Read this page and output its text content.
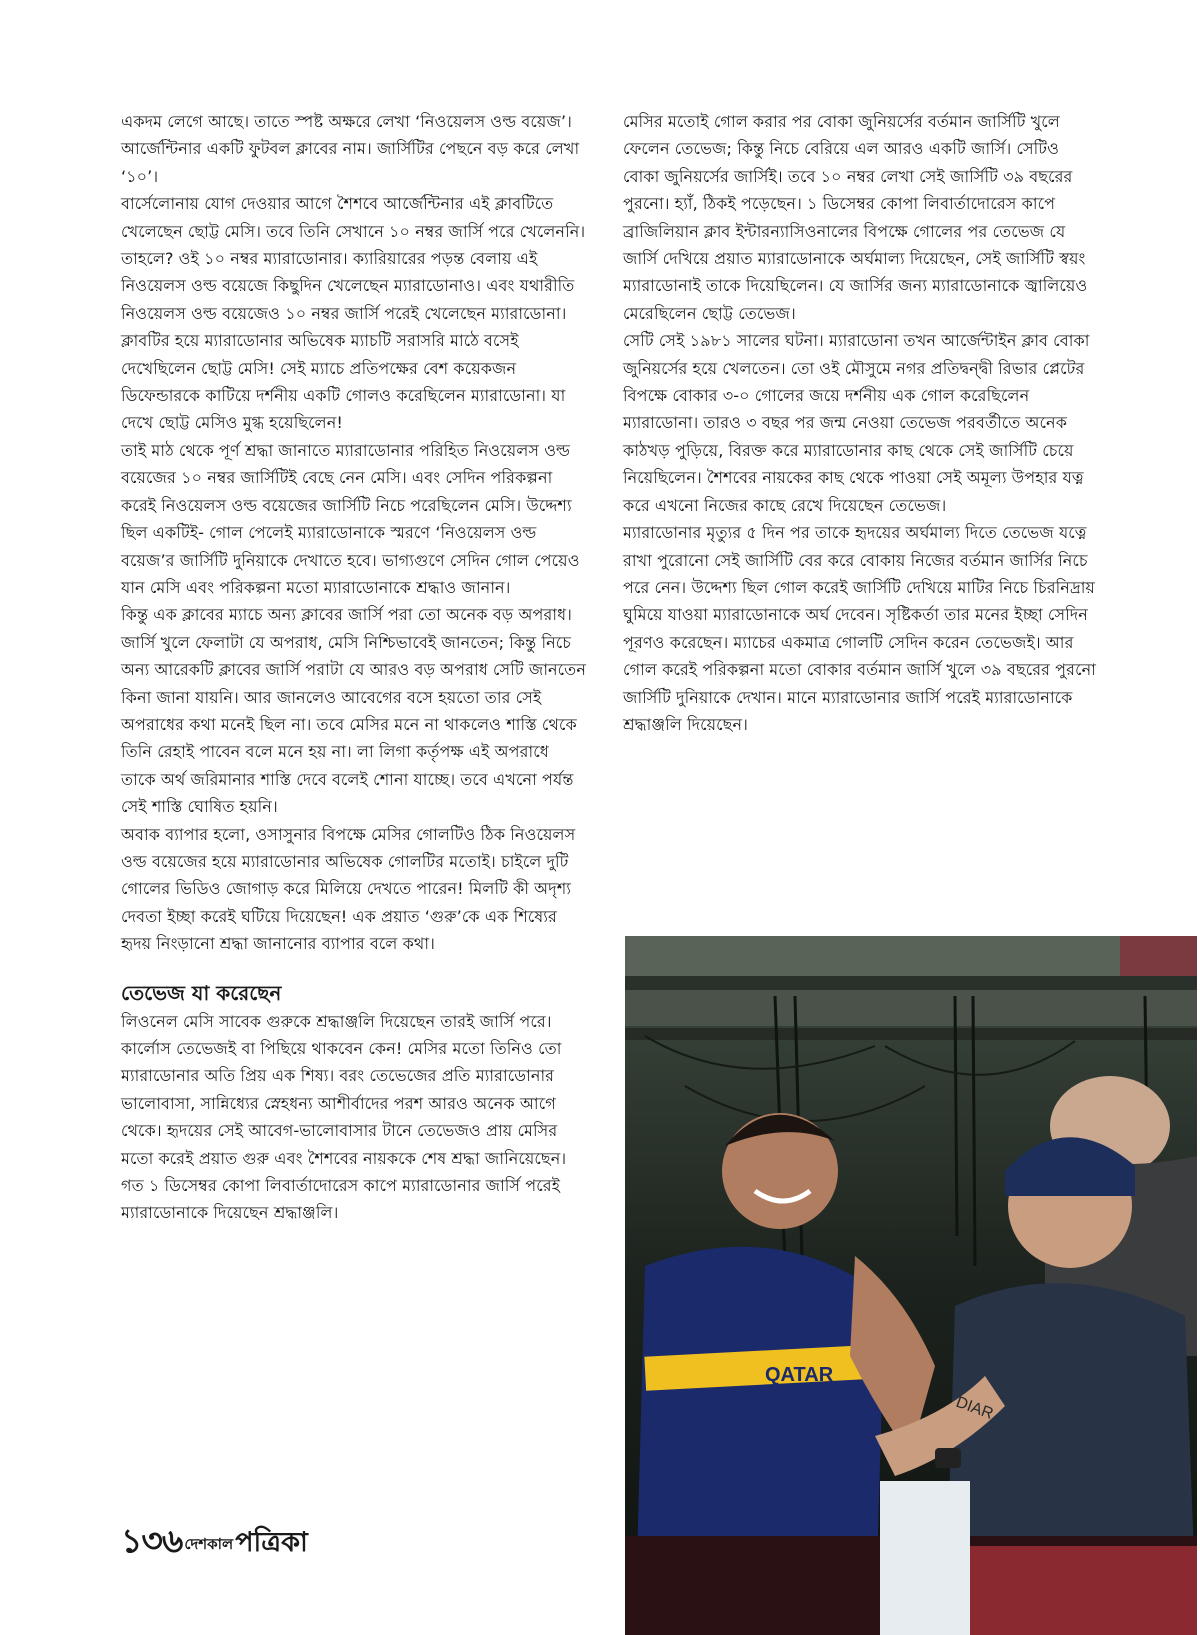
একদম লেগে আছে। তাতে স্পষ্ট অক্ষরে লেখা ‘নিওয়েলস ওল্ড বয়েজ’। আর্জেন্টিনার একটি ফুটবল ক্লাবের নাম। জার্সিটির পেছনে বড় করে লেখা ‘১০’।

বার্সেলোনায় যোগ দেওয়ার আগে শৈশবে আর্জেন্টিনার এই ক্লাবটিতে খেলেছেন ছোট্ট মেসি। তবে তিনি সেখানে ১০ নম্বর জার্সি পরে খেলেননি। তাহলে? ওই ১০ নম্বর ম্যারাডোনার। ক্যারিয়ারের পড়ন্ত বেলায় এই নিওয়েলস ওল্ড বয়েজে কিছুদিন খেলেছেন ম্যারাডোনাও। এবং যথারীতি নিওয়েলস ওল্ড বয়েজেও ১০ নম্বর জার্সি পরেই খেলেছেন ম্যারাডোনা। ক্লাবটির হয়ে ম্যারাডোনার অভিষেক ম্যাচটি সরাসরি মাঠে বসেই দেখেছিলেন ছোট্ট মেসি! সেই ম্যাচে প্রতিপক্ষের বেশ কয়েকজন ডিফেন্ডারকে কাটিয়ে দর্শনীয় একটি গোলও করেছিলেন ম্যারাডোনা। যা দেখে ছোট্ট মেসিও মুগ্ধ হয়েছিলেন!

তাই মাঠ থেকে পূর্ণ শ্রদ্ধা জানাতে ম্যারাডোনার পরিহিত নিওয়েলস ওল্ড বয়েজের ১০ নম্বর জার্সিটিই বেছে নেন মেসি। এবং সেদিন পরিকল্পনা করেই নিওয়েলস ওল্ড বয়েজের জার্সিটি নিচে পরেছিলেন মেসি। উদ্দেশ্য ছিল একটিই- গোল পেলেই ম্যারাডোনাকে স্মরণে ‘নিওয়েলস ওল্ড বয়েজ’র জার্সিটি দুনিয়াকে দেখাতে হবে। ভাগ্যগুণে সেদিন গোল পেয়েও যান মেসি এবং পরিকল্পনা মতো ম্যারাডোনাকে শ্রদ্ধাও জানান।

কিন্তু এক ক্লাবের ম্যাচে অন্য ক্লাবের জার্সি পরা তো অনেক বড় অপরাধ। জার্সি খুলে ফেলাটা যে অপরাধ, মেসি নিশ্চিভাবেই জানতেন; কিন্তু নিচে অন্য আরেকটি ক্লাবের জার্সি পরাটা যে আরও বড় অপরাধ সেটি জানতেন কিনা জানা যায়নি। আর জানলেও আবেগের বসে হয়তো তার সেই অপরাধের কথা মনেই ছিল না। তবে মেসির মনে না থাকলেও শাস্তি থেকে তিনি রেহাই পাবেন বলে মনে হয় না। লা লিগা কর্তৃপক্ষ এই অপরাধে তাকে অর্থ জরিমানার শাস্তি দেবে বলেই শোনা যাচ্ছে। তবে এখনো পর্যন্ত সেই শাস্তি ঘোষিত হয়নি।

অবাক ব্যাপার হলো, ওসাসুনার বিপক্ষে মেসির গোলটিও ঠিক নিওয়েলস ওল্ড বয়েজের হয়ে ম্যারাডোনার অভিষেক গোলটির মতোই। চাইলে দুটি গোলের ভিডিও জোগাড় করে মিলিয়ে দেখতে পারেন! মিলটি কী অদৃশ্য দেবতা ইচ্ছা করেই ঘটিয়ে দিয়েছেন! এক প্রয়াত ‘গুরু’কে এক শিষ্যের হৃদয় নিংড়ানো শ্রদ্ধা জানানোর ব্যাপার বলে কথা।

তেভেজ যা করেছেন

লিওনেল মেসি সাবেক গুরুকে শ্রদ্ধাঞ্জলি দিয়েছেন তারই জার্সি পরে। কার্লোস তেভেজই বা পিছিয়ে থাকবেন কেন! মেসির মতো তিনিও তো ম্যারাডোনার অতি প্রিয় এক শিষ্য। বরং তেভেজের প্রতি ম্যারাডোনার ভালোবাসা, সান্নিধ্যের স্নেহধন্য আশীর্বাদের পরশ আরও অনেক আগে থেকে। হৃদয়ের সেই আবেগ-ভালোবাসার টানে তেভেজও প্রায় মেসির মতো করেই প্রয়াত গুরু এবং শৈশবের নায়ককে শেষ শ্রদ্ধা জানিয়েছেন। গত ১ ডিসেম্বর কোপা লিবার্তাদোরেস কাপে ম্যারাডোনার জার্সি পরেই ম্যারাডোনাকে দিয়েছেন শ্রদ্ধাঞ্জলি।

মেসির মতোই গোল করার পর বোকা জুনিয়র্সের বর্তমান জার্সিটি খুলে ফেলেন তেভেজ; কিন্তু নিচে বেরিয়ে এল আরও একটি জার্সি। সেটিও বোকা জুনিয়র্সের জার্সিই। তবে ১০ নম্বর লেখা সেই জার্সিটি ৩৯ বছরের পুরনো। হ্যাঁ, ঠিকই পড়েছেন। ১ ডিসেম্বর কোপা লিবার্তাদোরেস কাপে ব্রাজিলিয়ান ক্লাব ইন্টারন্যাসিওনালের বিপক্ষে গোলের পর তেভেজ যে জার্সি দেখিয়ে প্রয়াত ম্যারাডোনাকে অর্ঘমাল্য দিয়েছেন, সেই জার্সিটি স্বয়ং ম্যারাডোনাই তাকে দিয়েছিলেন। যে জার্সির জন্য ম্যারাডোনাকে জ্বালিয়েও মেরেছিলেন ছোট্ট তেভেজ।

সেটি সেই ১৯৮১ সালের ঘটনা। ম্যারাডোনা তখন আর্জেন্টাইন ক্লাব বোকা জুনিয়র্সের হয়ে খেলতেন। তো ওই মৌসুমে নগর প্রতিদ্বন্দ্বী রিভার প্লেটের বিপক্ষে বোকার ৩-০ গোলের জয়ে দর্শনীয় এক গোল করেছিলেন ম্যারাডোনা। তারও ৩ বছর পর জন্ম নেওয়া তেভেজ পরবর্তীতে অনেক কাঠখড় পুড়িয়ে, বিরক্ত করে ম্যারাডোনার কাছ থেকে সেই জার্সিটি চেয়ে নিয়েছিলেন। শৈশবের নায়কের কাছ থেকে পাওয়া সেই অমূল্য উপহার যত্ন করে এখনো নিজের কাছে রেখে দিয়েছেন তেভেজ।

ম্যারাডোনার মৃত্যুর ৫ দিন পর তাকে হৃদয়ের অর্ঘমাল্য দিতে তেভেজ যত্নে রাখা পুরোনো সেই জার্সিটি বের করে বোকায় নিজের বর্তমান জার্সির নিচে পরে নেন। উদ্দেশ্য ছিল গোল করেই জার্সিটি দেখিয়ে মাটির নিচে চিরনিদ্রায় ঘুমিয়ে যাওয়া ম্যারাডোনাকে অর্ঘ দেবেন। সৃষ্টিকর্তা তার মনের ইচ্ছা সেদিন পূরণও করেছেন। ম্যাচের একমাত্র গোলটি সেদিন করেন তেভেজই। আর গোল করেই পরিকল্পনা মতো বোকার বর্তমান জার্সি খুলে ৩৯ বছরের পুরনো জার্সিটি দুনিয়াকে দেখান। মানে ম্যারাডোনার জার্সি পরেই ম্যারাডোনাকে শ্রদ্ধাঞ্জলি দিয়েছেন।

QATAR
DIAR
১৩৬ দেশকাল পত্রিকা
